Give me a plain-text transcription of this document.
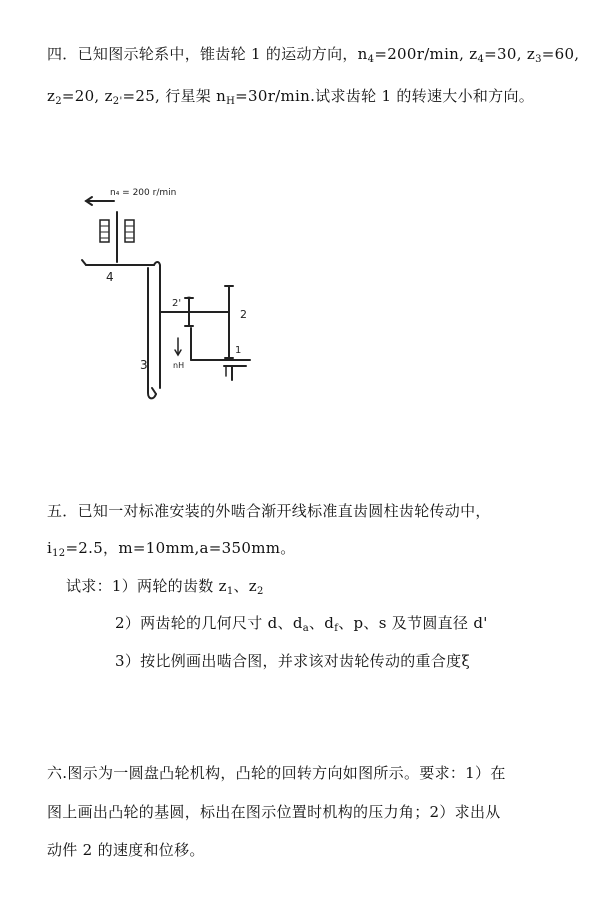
四．已知图示轮系中，锥齿轮 1 的运动方向，$n_4=200r/\min$, $z_4=30$, $z_3=60$,
$z_2=20$, $z_{2'}=25$, 行星架 $n_H=30r/\min$.试求齿轮 1 的转速大小和方向。
n₄ = 200 r/min
4
3
2'
2
1
nH
-
五．已知一对标准安装的外啮合渐开线标准直齿圆柱齿轮传动中，
$i_{12}=2.5$，m=10mm,a=350mm。
试求：1）两轮的齿数 $z_1$、$z_2$
2）两齿轮的几何尺寸 d、$d_a$、$d_f$、p、s 及节圆直径 d'
3）按比例画出啮合图，并求该对齿轮传动的重合度ξ
六.图示为一圆盘凸轮机构，凸轮的回转方向如图所示。要求：1）在
图上画出凸轮的基圆，标出在图示位置时机构的压力角；2）求出从
动件 2 的速度和位移。
